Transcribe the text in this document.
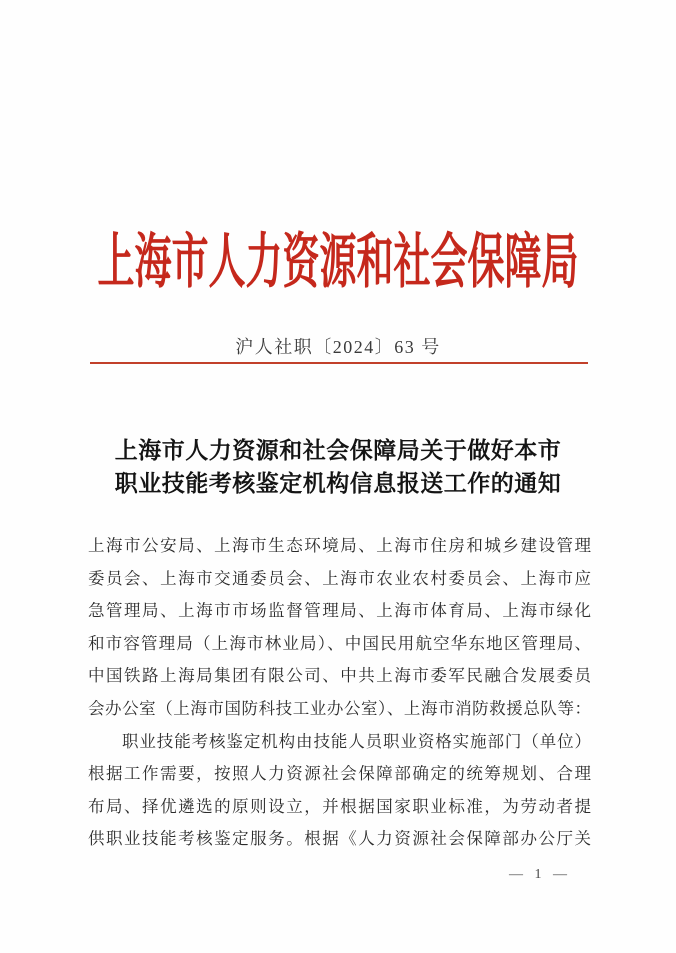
上海市人力资源和社会保障局
沪人社职〔2024〕63 号
上海市人力资源和社会保障局关于做好本市
职业技能考核鉴定机构信息报送工作的通知
上海市公安局、上海市生态环境局、上海市住房和城乡建设管理
委员会、上海市交通委员会、上海市农业农村委员会、上海市应
急管理局、上海市市场监督管理局、上海市体育局、上海市绿化
和市容管理局（上海市林业局）、中国民用航空华东地区管理局、
中国铁路上海局集团有限公司、中共上海市委军民融合发展委员
会办公室（上海市国防科技工业办公室）、上海市消防救援总队等：
职业技能考核鉴定机构由技能人员职业资格实施部门（单位）
根据工作需要，按照人力资源社会保障部确定的统筹规划、合理
布局、择优遴选的原则设立，并根据国家职业标准，为劳动者提
供职业技能考核鉴定服务。根据《人力资源社会保障部办公厅关
— 1 —
